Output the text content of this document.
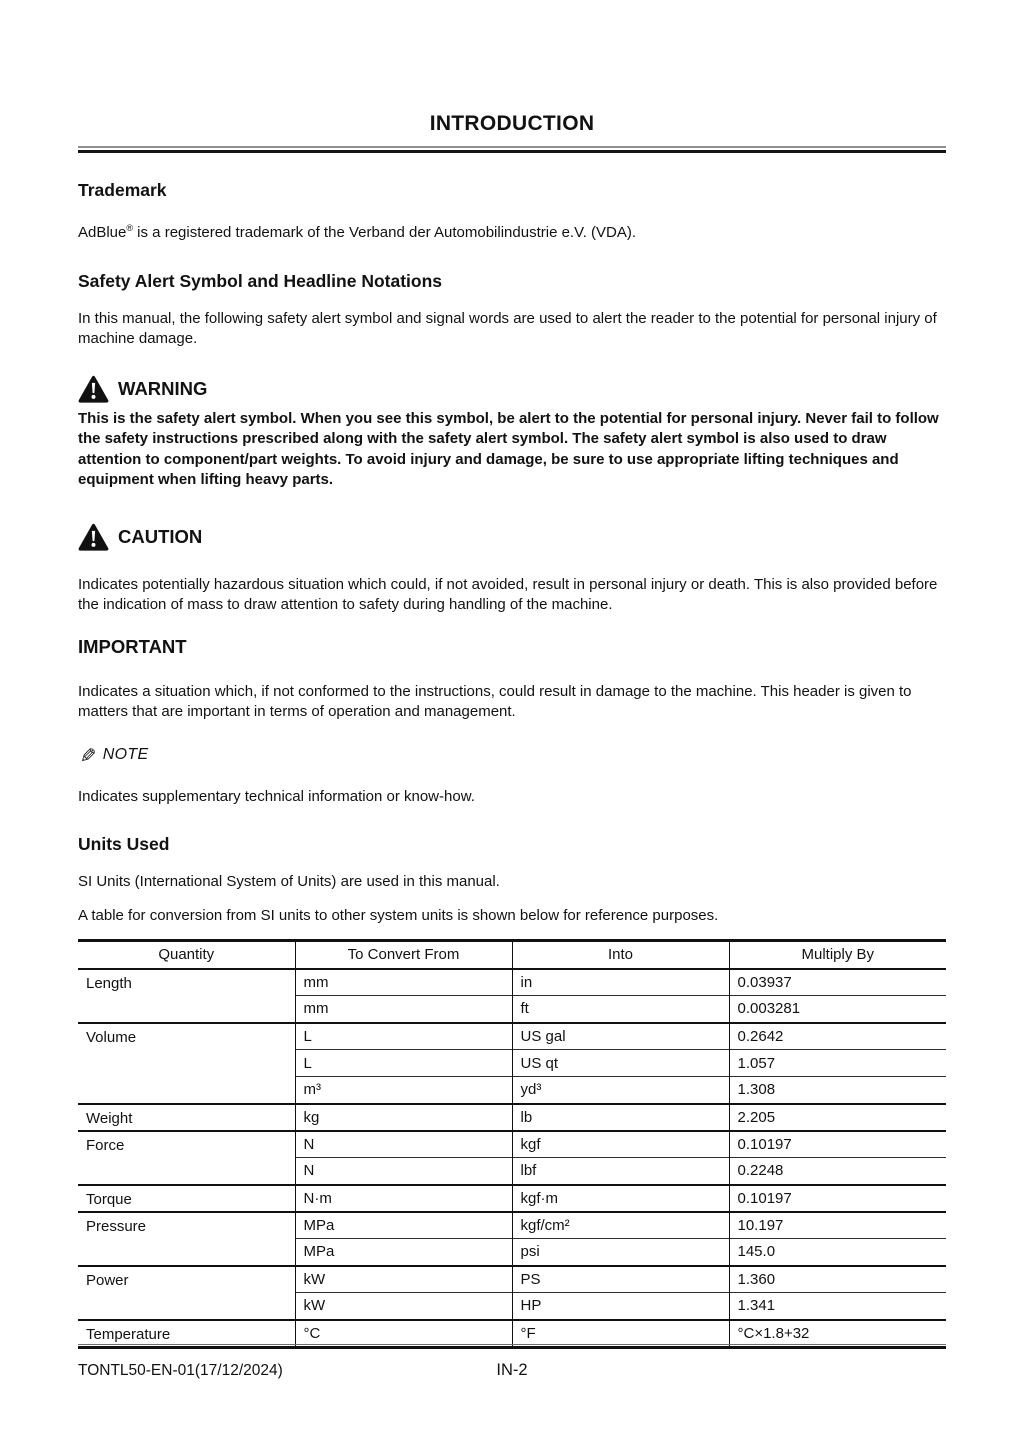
INTRODUCTION
Trademark

AdBlue® is a registered trademark of the Verband der Automobilindustrie e.V. (VDA).

Safety Alert Symbol and Headline Notations

In this manual, the following safety alert symbol and signal words are used to alert the reader to the potential for personal injury of machine damage.

WARNING

This is the safety alert symbol. When you see this symbol, be alert to the potential for personal injury. Never fail to follow the safety instructions prescribed along with the safety alert symbol. The safety alert symbol is also used to draw attention to component/part weights. To avoid injury and damage, be sure to use appropriate lifting techniques and equipment when lifting heavy parts.

CAUTION

Indicates potentially hazardous situation which could, if not avoided, result in personal injury or death. This is also provided before the indication of mass to draw attention to safety during handling of the machine.

IMPORTANT

Indicates a situation which, if not conformed to the instructions, could result in damage to the machine. This header is given to matters that are important in terms of operation and management.

✎ NOTE

Indicates supplementary technical information or know-how.

Units Used

SI Units (International System of Units) are used in this manual.

A table for conversion from SI units to other system units is shown below for reference purposes.

Quantity	To Convert From	Into	Multiply By
Length	mm	in	0.03937
	mm	ft	0.003281
Volume	L	US gal	0.2642
	L	US qt	1.057
	m³	yd³	1.308
Weight	kg	lb	2.205
Force	N	kgf	0.10197
	N	lbf	0.2248
Torque	N·m	kgf·m	0.10197
Pressure	MPa	kgf/cm²	10.197
	MPa	psi	145.0
Power	kW	PS	1.360
	kW	HP	1.341
Temperature	°C	°F	°C×1.8+32
TONTL50-EN-01(17/12/2024)	IN-2
